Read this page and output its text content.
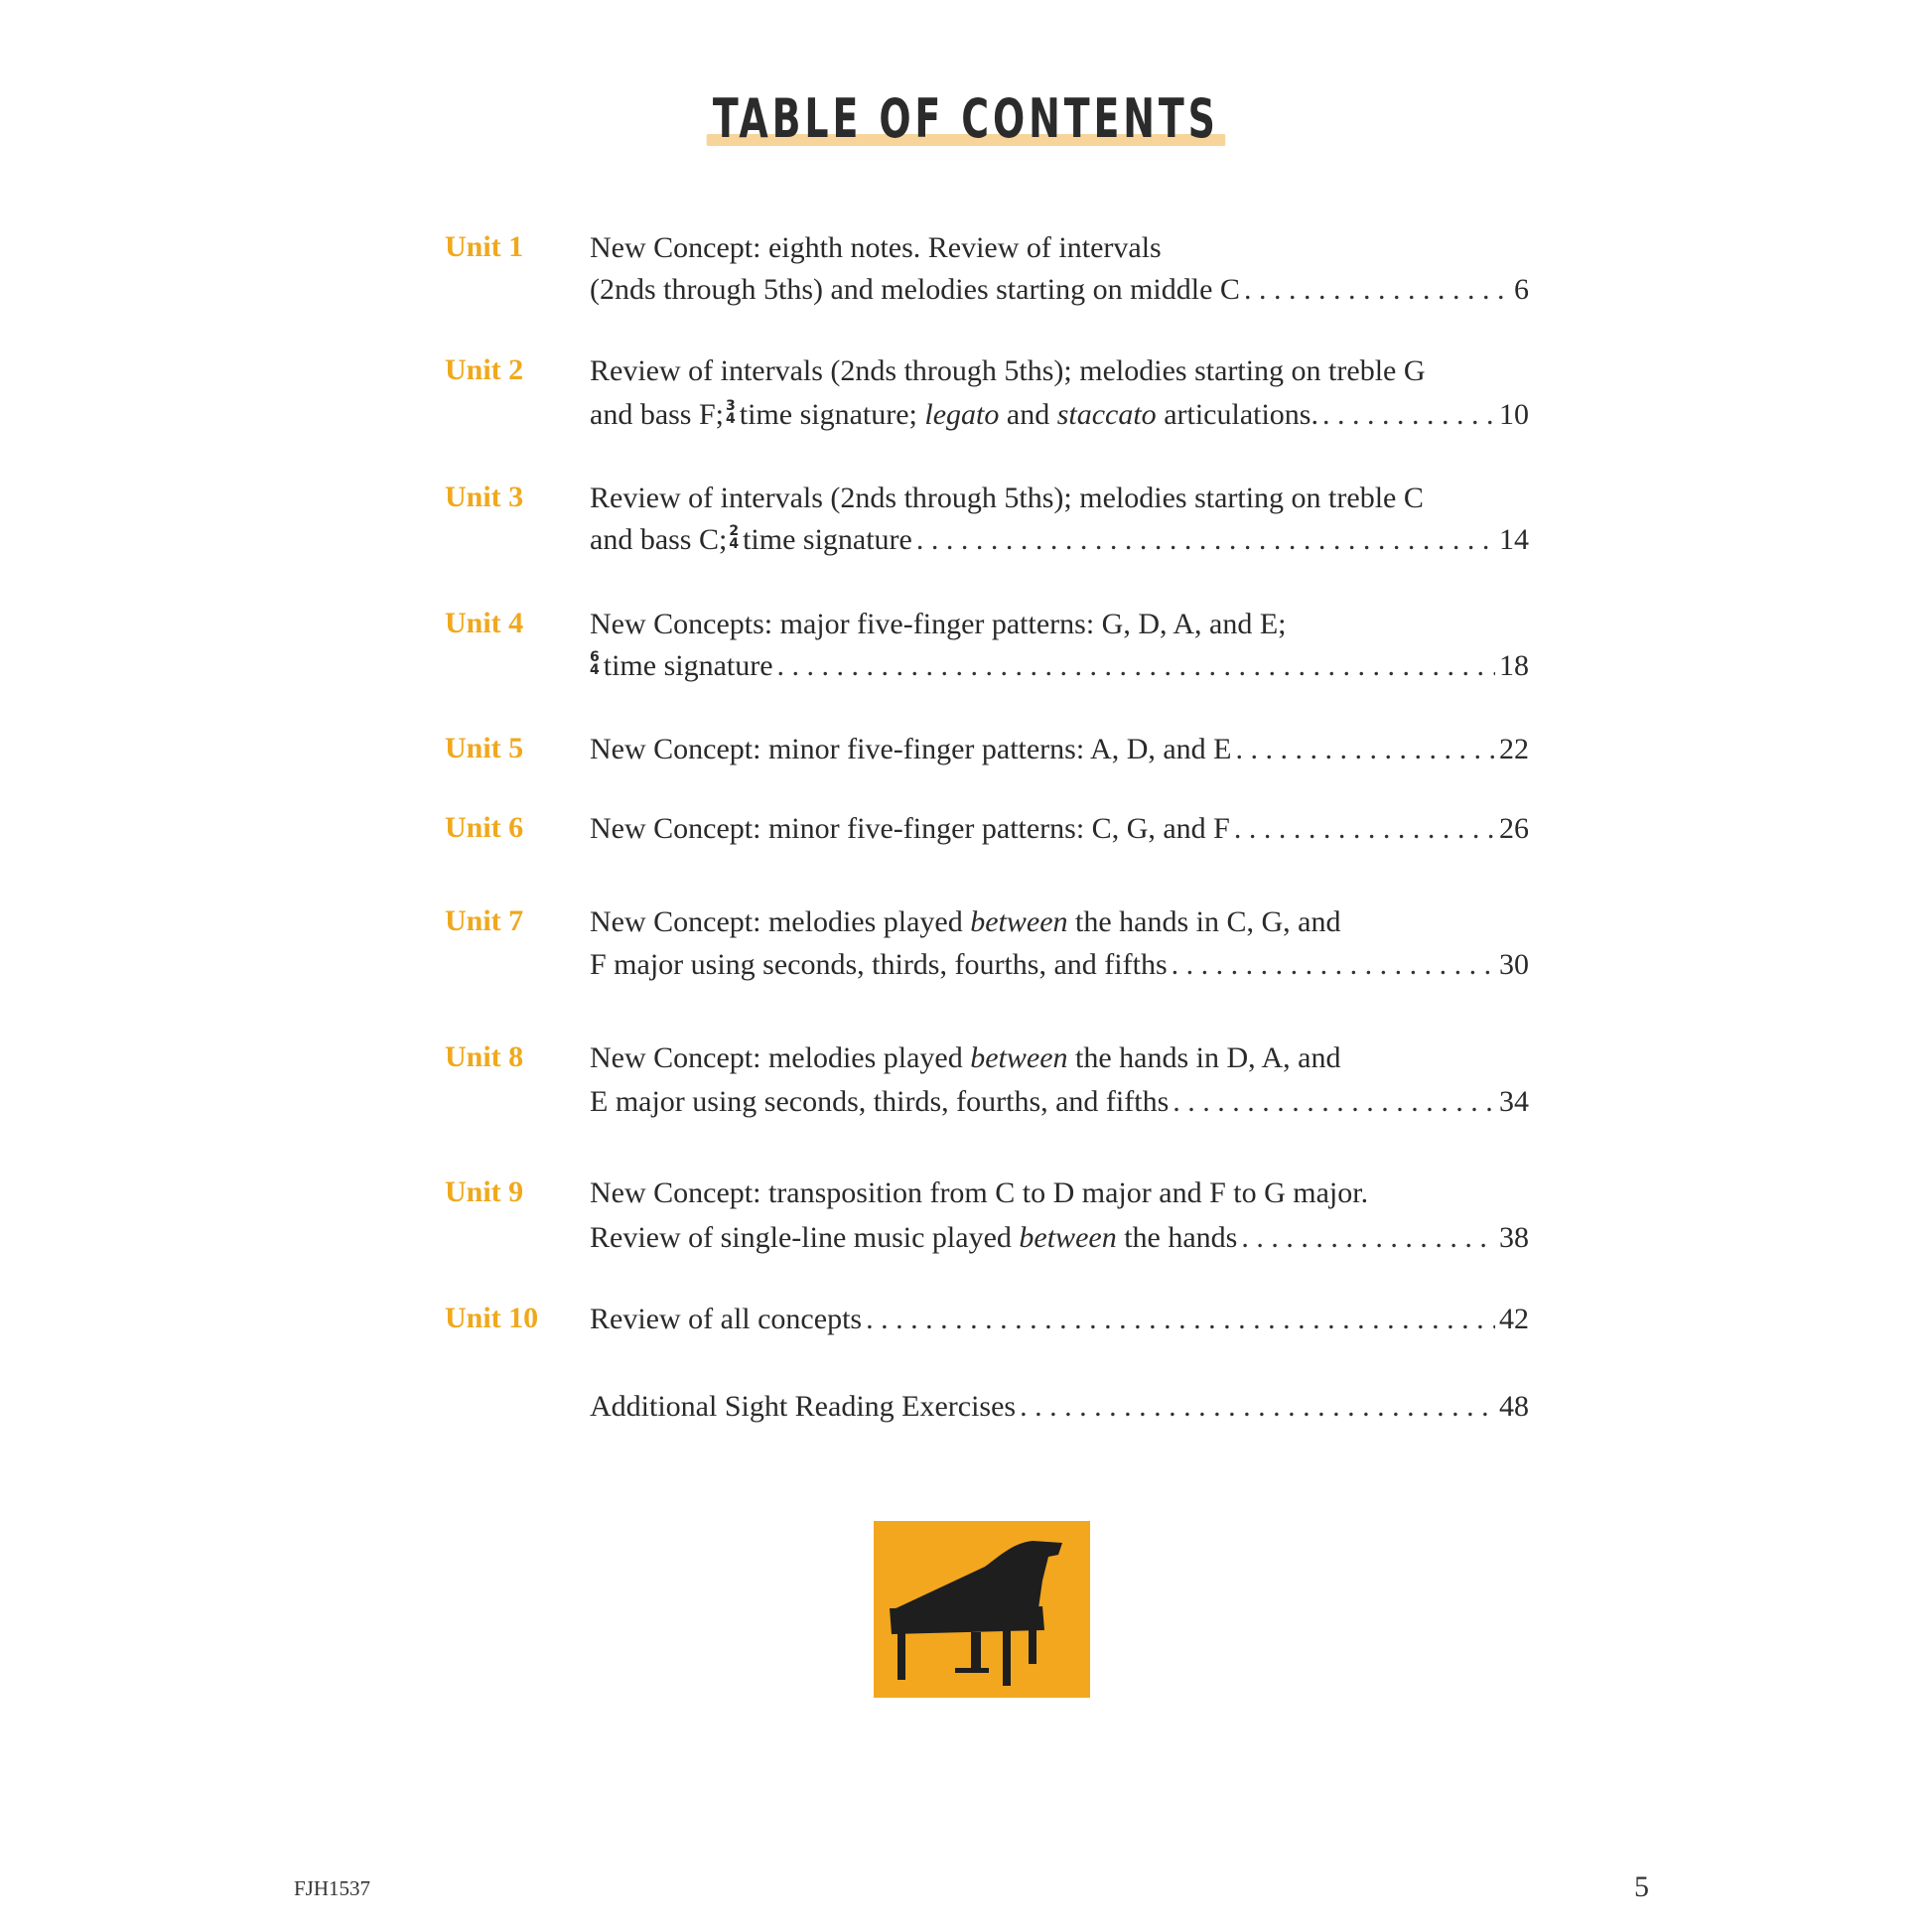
TABLE OF CONTENTS
Unit 1 New Concept: eighth notes. Review of intervals
(2nds through 5ths) and melodies starting on middle C . . .	6
Unit 2 Review of intervals (2nds through 5ths); melodies starting on treble G
and bass F; 3
4 time signature; legato and staccato articulations. . . .	10
Unit 3 Review of intervals (2nds through 5ths); melodies starting on treble C
and bass C; 2
4 time signature . . .	14
Unit 4 New Concepts: major five-finger patterns: G, D, A, and E;
6
4 time signature . . .	18
Unit 5 New Concept: minor five-finger patterns: A, D, and E . . .	22
Unit 6 New Concept: minor five-finger patterns: C, G, and F . . .	26
Unit 7 New Concept: melodies played between the hands in C, G, and
F major using seconds, thirds, fourths, and fifths . . .	30
Unit 8 New Concept: melodies played between the hands in D, A, and
E major using seconds, thirds, fourths, and fifths . . .	34
Unit 9 New Concept: transposition from C to D major and F to G major.
Review of single-line music played between the hands . . .	38
Unit 10 Review of all concepts . . .	42
Additional Sight Reading Exercises . . .	48
FJH1537	5
